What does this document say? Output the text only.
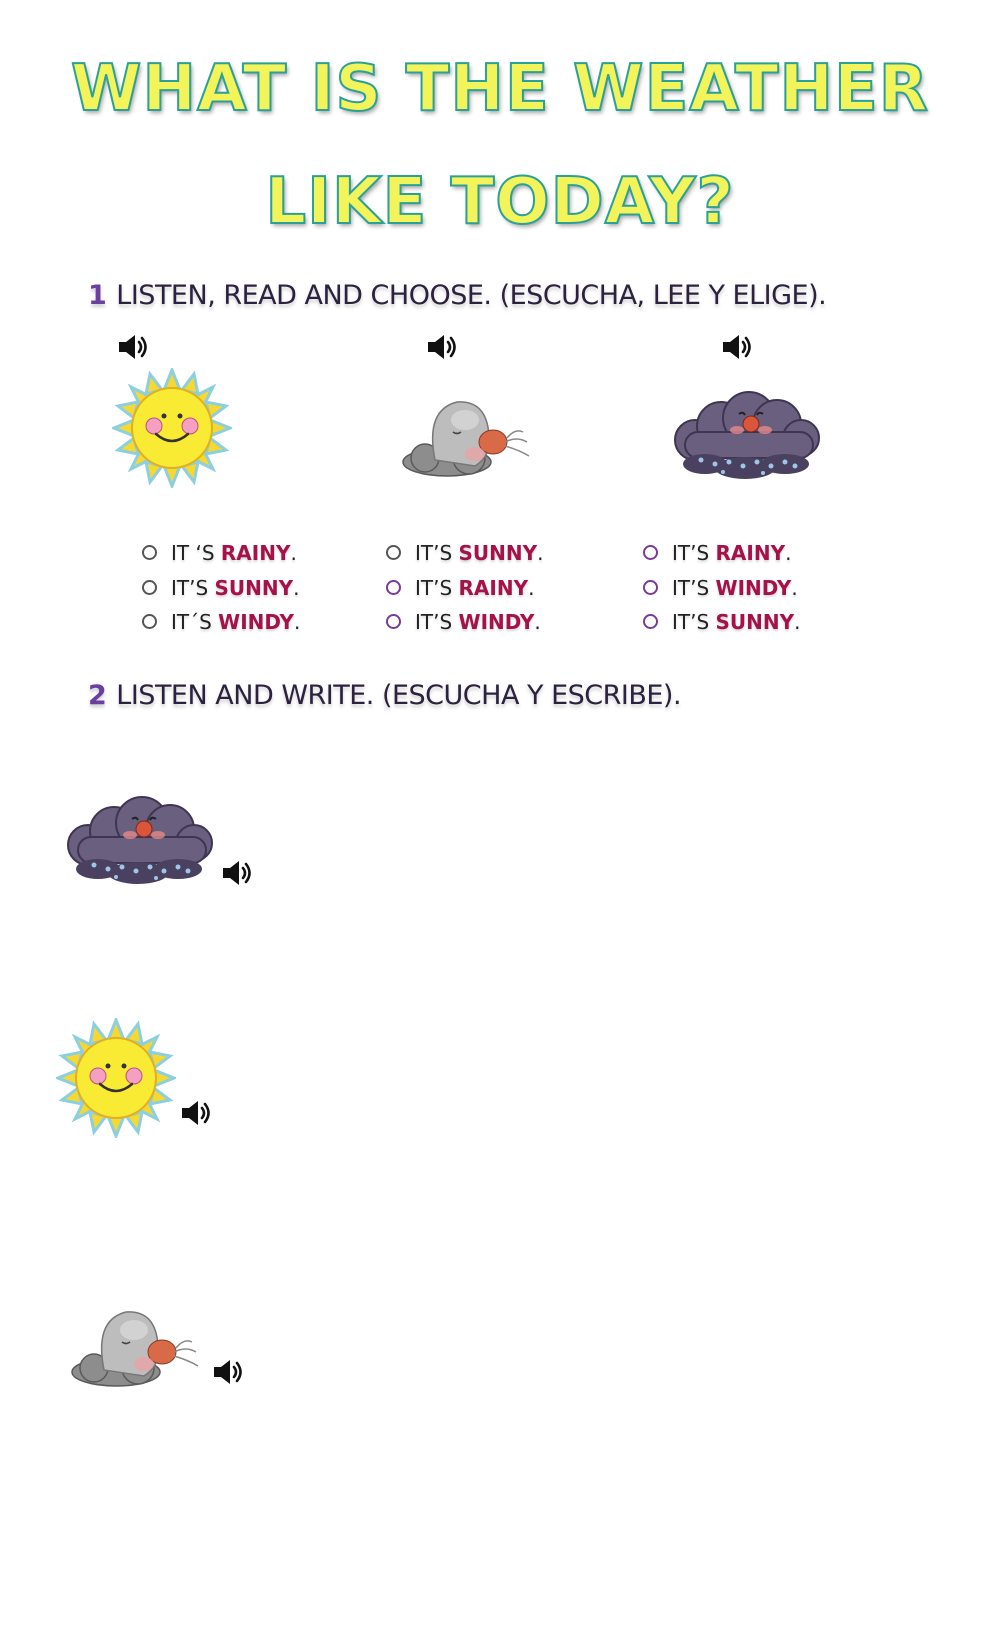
WHAT IS THE WEATHER
LIKE TODAY?
1 LISTEN, READ AND CHOOSE. (ESCUCHA, LEE Y ELIGE).
IT ‘S RAINY.
IT’S SUNNY.
IT´S WINDY.
IT’S SUNNY.
IT’S RAINY.
IT’S WINDY.
IT’S RAINY.
IT’S WINDY.
IT’S SUNNY.
2 LISTEN AND WRITE. (ESCUCHA Y ESCRIBE).
